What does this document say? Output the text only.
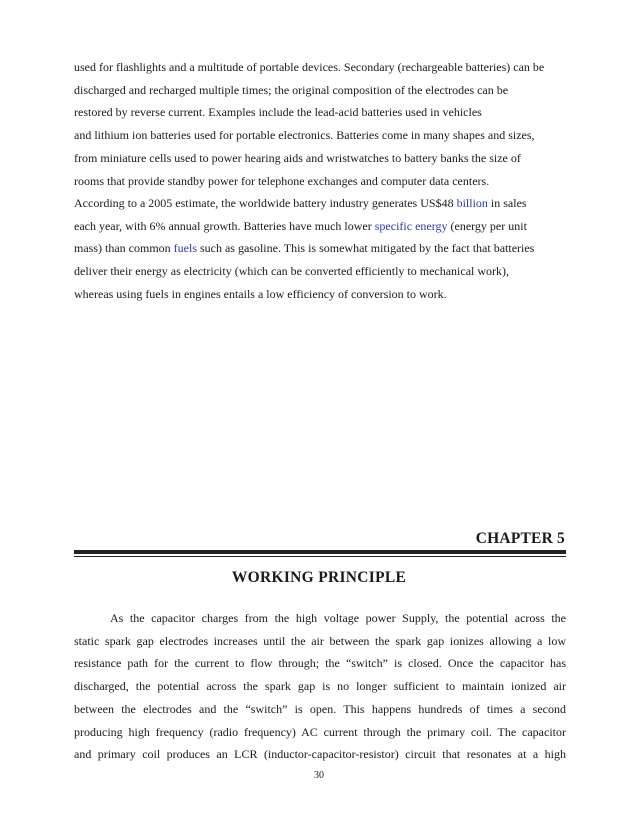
used for flashlights and a multitude of portable devices. Secondary (rechargeable batteries) can be
discharged and recharged multiple times; the original composition of the electrodes can be
restored by reverse current. Examples include the lead-acid batteries used in vehicles
and lithium ion batteries used for portable electronics. Batteries come in many shapes and sizes,
from miniature cells used to power hearing aids and wristwatches to battery banks the size of
rooms that provide standby power for telephone exchanges and computer data centers.
According to a 2005 estimate, the worldwide battery industry generates US$48 billion in sales
each year, with 6% annual growth. Batteries have much lower specific energy (energy per unit
mass) than common fuels such as gasoline. This is somewhat mitigated by the fact that batteries
deliver their energy as electricity (which can be converted efficiently to mechanical work),
whereas using fuels in engines entails a low efficiency of conversion to work.
CHAPTER 5
WORKING PRINCIPLE
As the capacitor charges from the high voltage power Supply, the potential across the
static spark gap electrodes increases until the air between the spark gap ionizes allowing a low
resistance path for the current to flow through; the “switch” is closed. Once the capacitor has
discharged, the potential across the spark gap is no longer sufficient to maintain ionized air
between the electrodes and the “switch” is open. This happens hundreds of times a second
producing high frequency (radio frequency) AC current through the primary coil. The capacitor
and primary coil produces an LCR (inductor-capacitor-resistor) circuit that resonates at a high
30
